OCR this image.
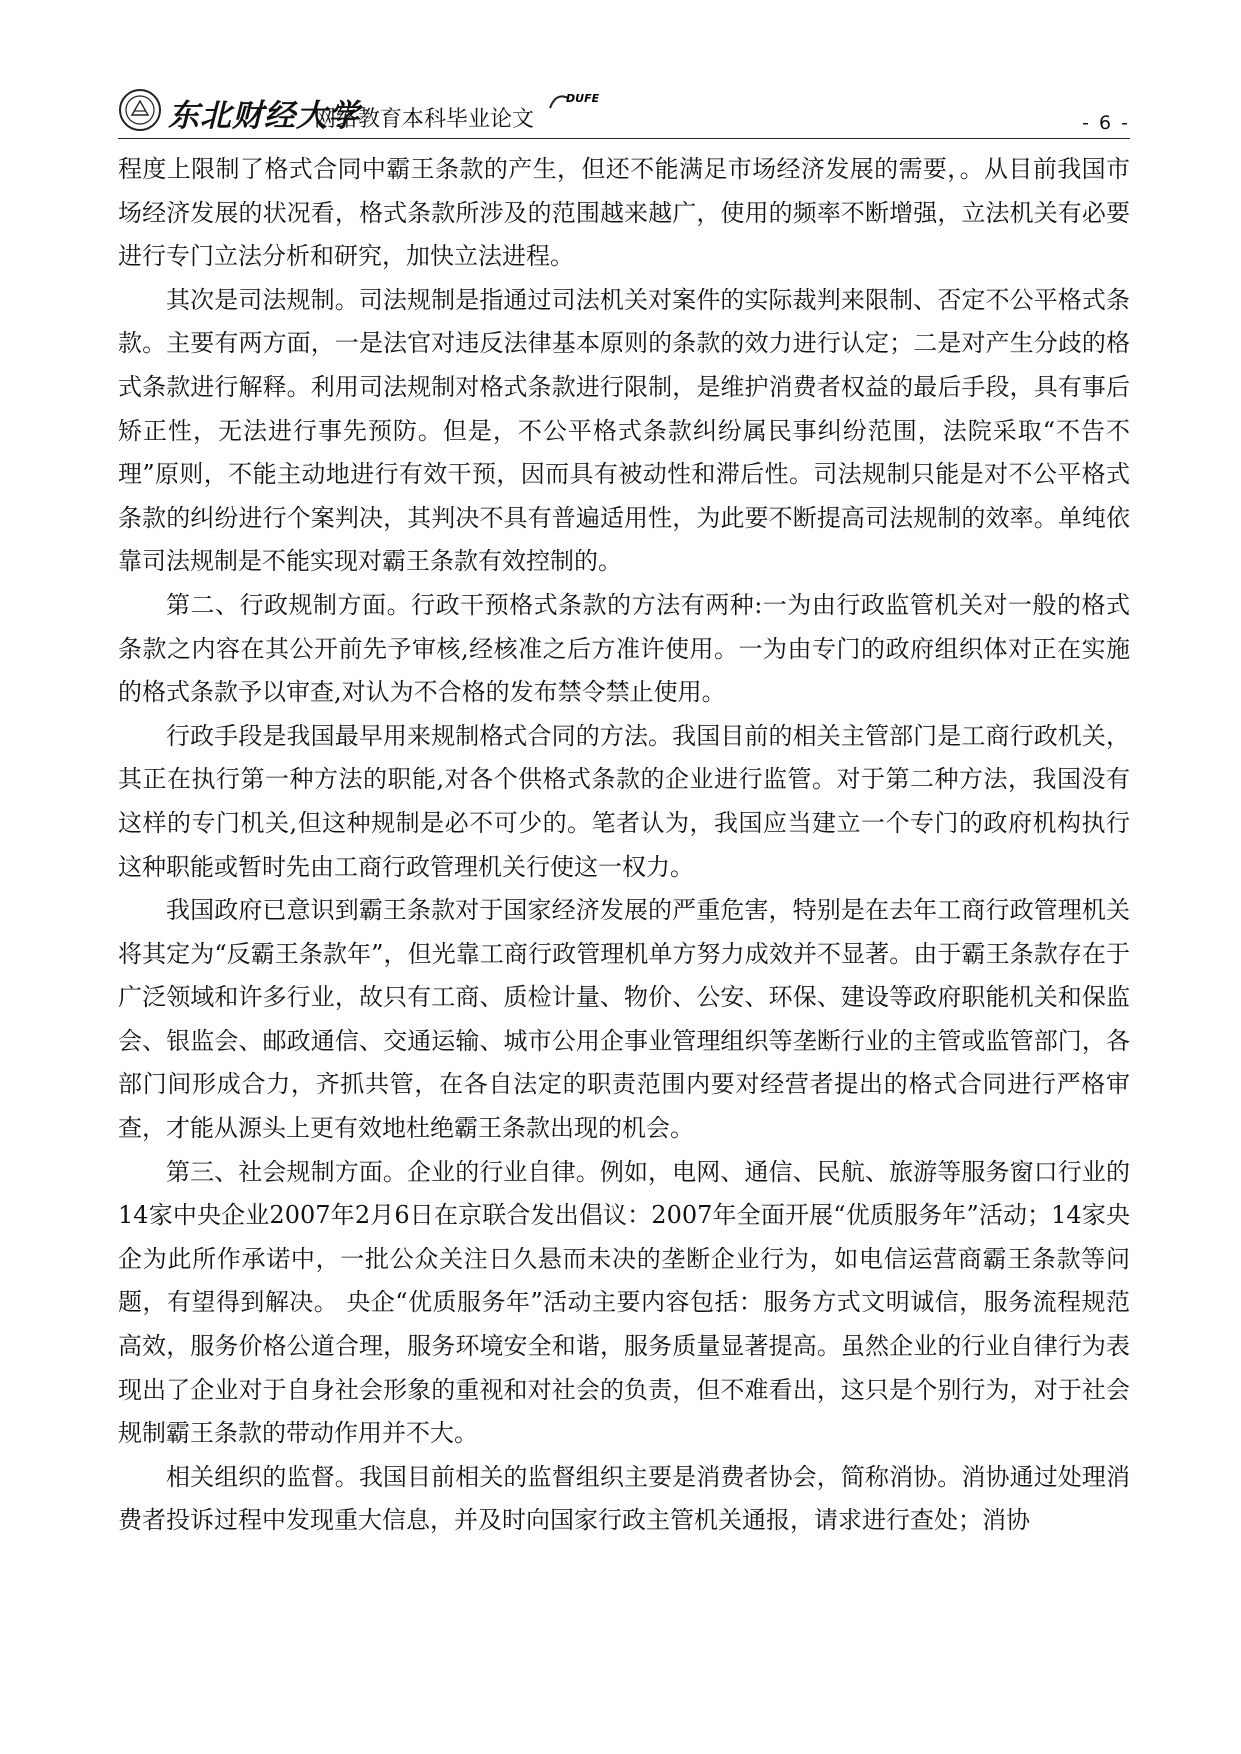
东北财经大学
网络教育本科毕业论文
DUFE
- 6 -

程度上限制了格式合同中霸王条款的产生，但还不能满足市场经济发展的需要，。从目前我国市场经济发展的状况看，格式条款所涉及的范围越来越广，使用的频率不断增强，立法机关有必要进行专门立法分析和研究，加快立法进程。

其次是司法规制。司法规制是指通过司法机关对案件的实际裁判来限制、否定不公平格式条款。主要有两方面，一是法官对违反法律基本原则的条款的效力进行认定；二是对产生分歧的格式条款进行解释。利用司法规制对格式条款进行限制，是维护消费者权益的最后手段，具有事后矫正性，无法进行事先预防。但是，不公平格式条款纠纷属民事纠纷范围，法院采取“不告不理”原则，不能主动地进行有效干预，因而具有被动性和滞后性。司法规制只能是对不公平格式条款的纠纷进行个案判决，其判决不具有普遍适用性，为此要不断提高司法规制的效率。单纯依靠司法规制是不能实现对霸王条款有效控制的。

第二、行政规制方面。行政干预格式条款的方法有两种:一为由行政监管机关对一般的格式条款之内容在其公开前先予审核,经核准之后方准许使用。一为由专门的政府组织体对正在实施的格式条款予以审查,对认为不合格的发布禁令禁止使用。

行政手段是我国最早用来规制格式合同的方法。我国目前的相关主管部门是工商行政机关，其正在执行第一种方法的职能,对各个供格式条款的企业进行监管。对于第二种方法，我国没有这样的专门机关,但这种规制是必不可少的。笔者认为，我国应当建立一个专门的政府机构执行这种职能或暂时先由工商行政管理机关行使这一权力。

我国政府已意识到霸王条款对于国家经济发展的严重危害，特别是在去年工商行政管理机关将其定为“反霸王条款年”，但光靠工商行政管理机单方努力成效并不显著。由于霸王条款存在于广泛领域和许多行业，故只有工商、质检计量、物价、公安、环保、建设等政府职能机关和保监会、银监会、邮政通信、交通运输、城市公用企事业管理组织等垄断行业的主管或监管部门，各部门间形成合力，齐抓共管，在各自法定的职责范围内要对经营者提出的格式合同进行严格审查，才能从源头上更有效地杜绝霸王条款出现的机会。

第三、社会规制方面。企业的行业自律。例如，电网、通信、民航、旅游等服务窗口行业的14家中央企业2007年2月6日在京联合发出倡议：2007年全面开展“优质服务年”活动；14家央企为此所作承诺中，一批公众关注日久悬而未决的垄断企业行为，如电信运营商霸王条款等问题，有望得到解决。 央企“优质服务年”活动主要内容包括：服务方式文明诚信，服务流程规范高效，服务价格公道合理，服务环境安全和谐，服务质量显著提高。虽然企业的行业自律行为表现出了企业对于自身社会形象的重视和对社会的负责，但不难看出，这只是个别行为，对于社会规制霸王条款的带动作用并不大。

相关组织的监督。我国目前相关的监督组织主要是消费者协会，简称消协。消协通过处理消费者投诉过程中发现重大信息，并及时向国家行政主管机关通报，请求进行查处；消协
